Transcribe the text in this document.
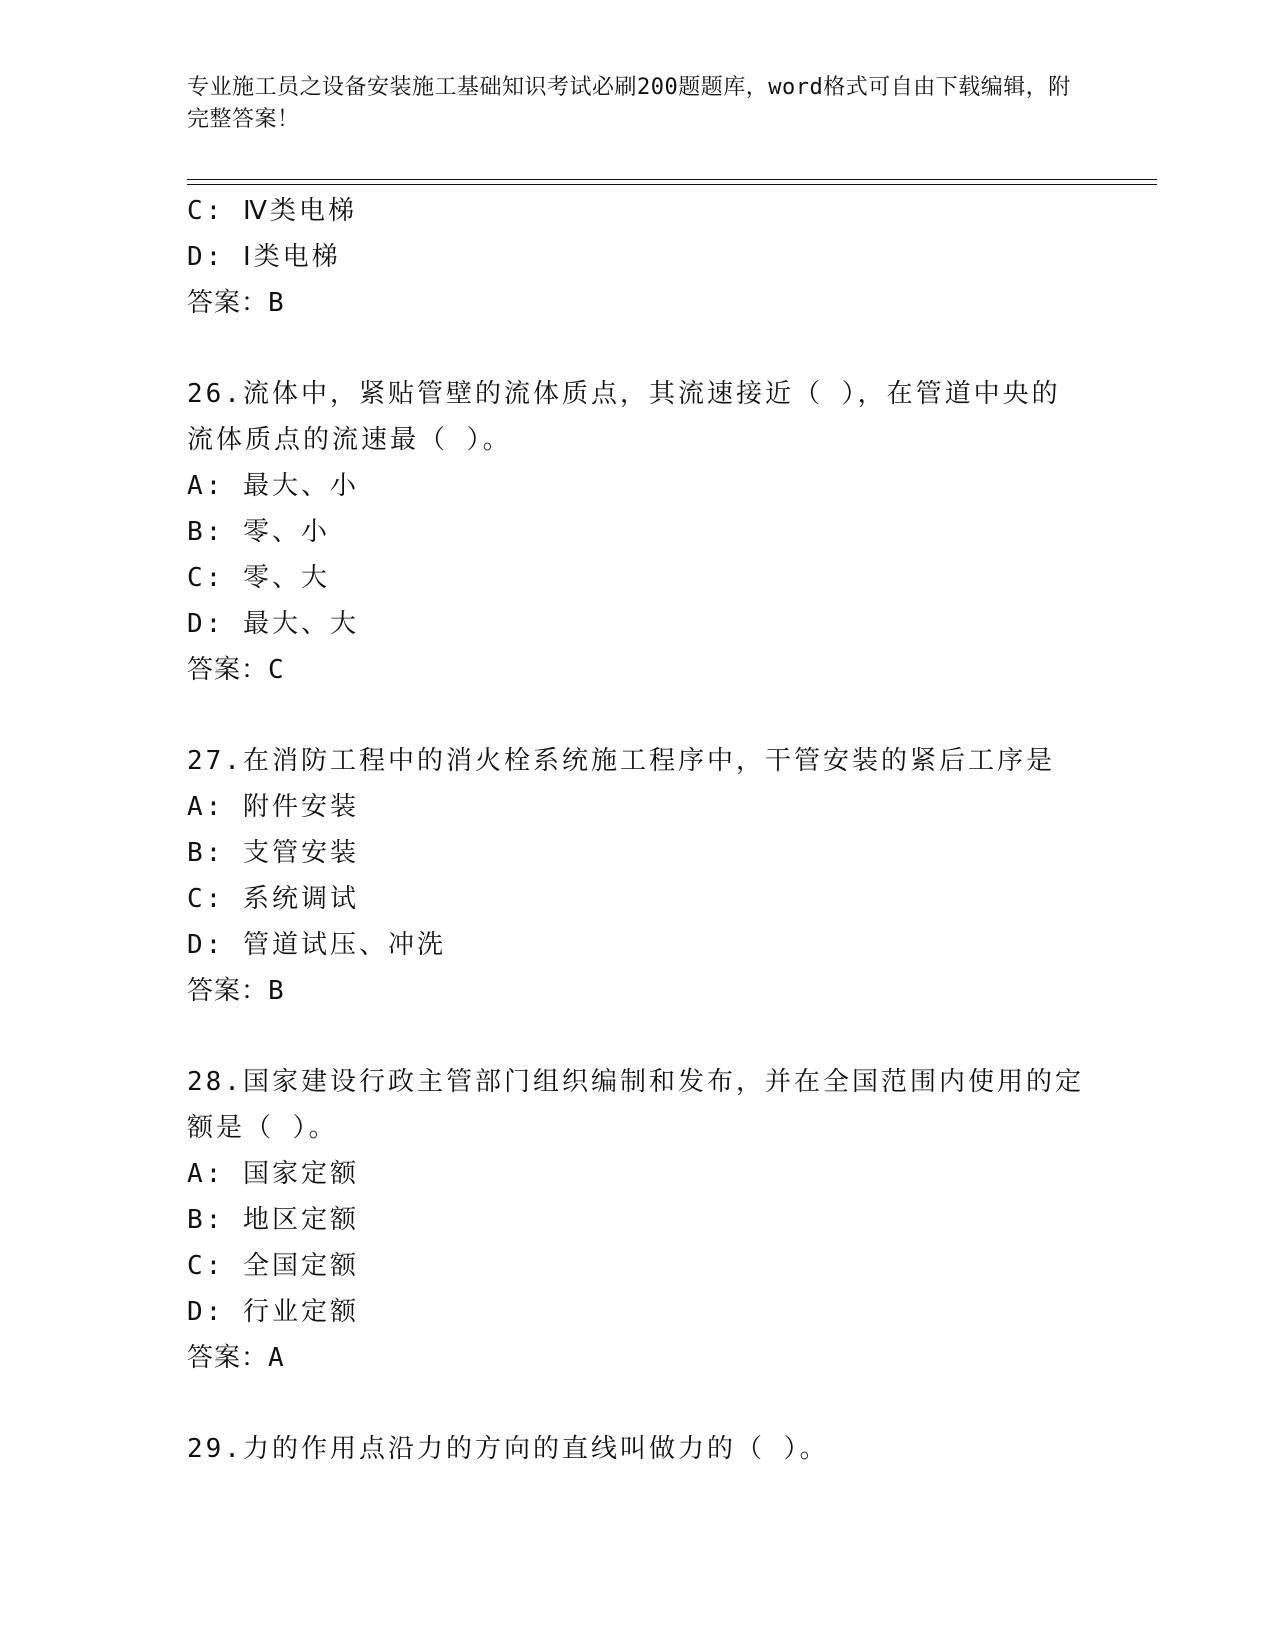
专业施工员之设备安装施工基础知识考试必刷200题题库，word格式可自由下载编辑，附完整答案！
C: Ⅳ类电梯
D: Ⅰ类电梯
答案：B
26.流体中，紧贴管壁的流体质点，其流速接近（ ），在管道中央的流体质点的流速最（ ）。
A: 最大、小
B: 零、小
C: 零、大
D: 最大、大
答案：C
27.在消防工程中的消火栓系统施工程序中，干管安装的紧后工序是
A: 附件安装
B: 支管安装
C: 系统调试
D: 管道试压、冲洗
答案：B
28.国家建设行政主管部门组织编制和发布，并在全国范围内使用的定额是（ ）。
A: 国家定额
B: 地区定额
C: 全国定额
D: 行业定额
答案：A
29.力的作用点沿力的方向的直线叫做力的（ ）。
